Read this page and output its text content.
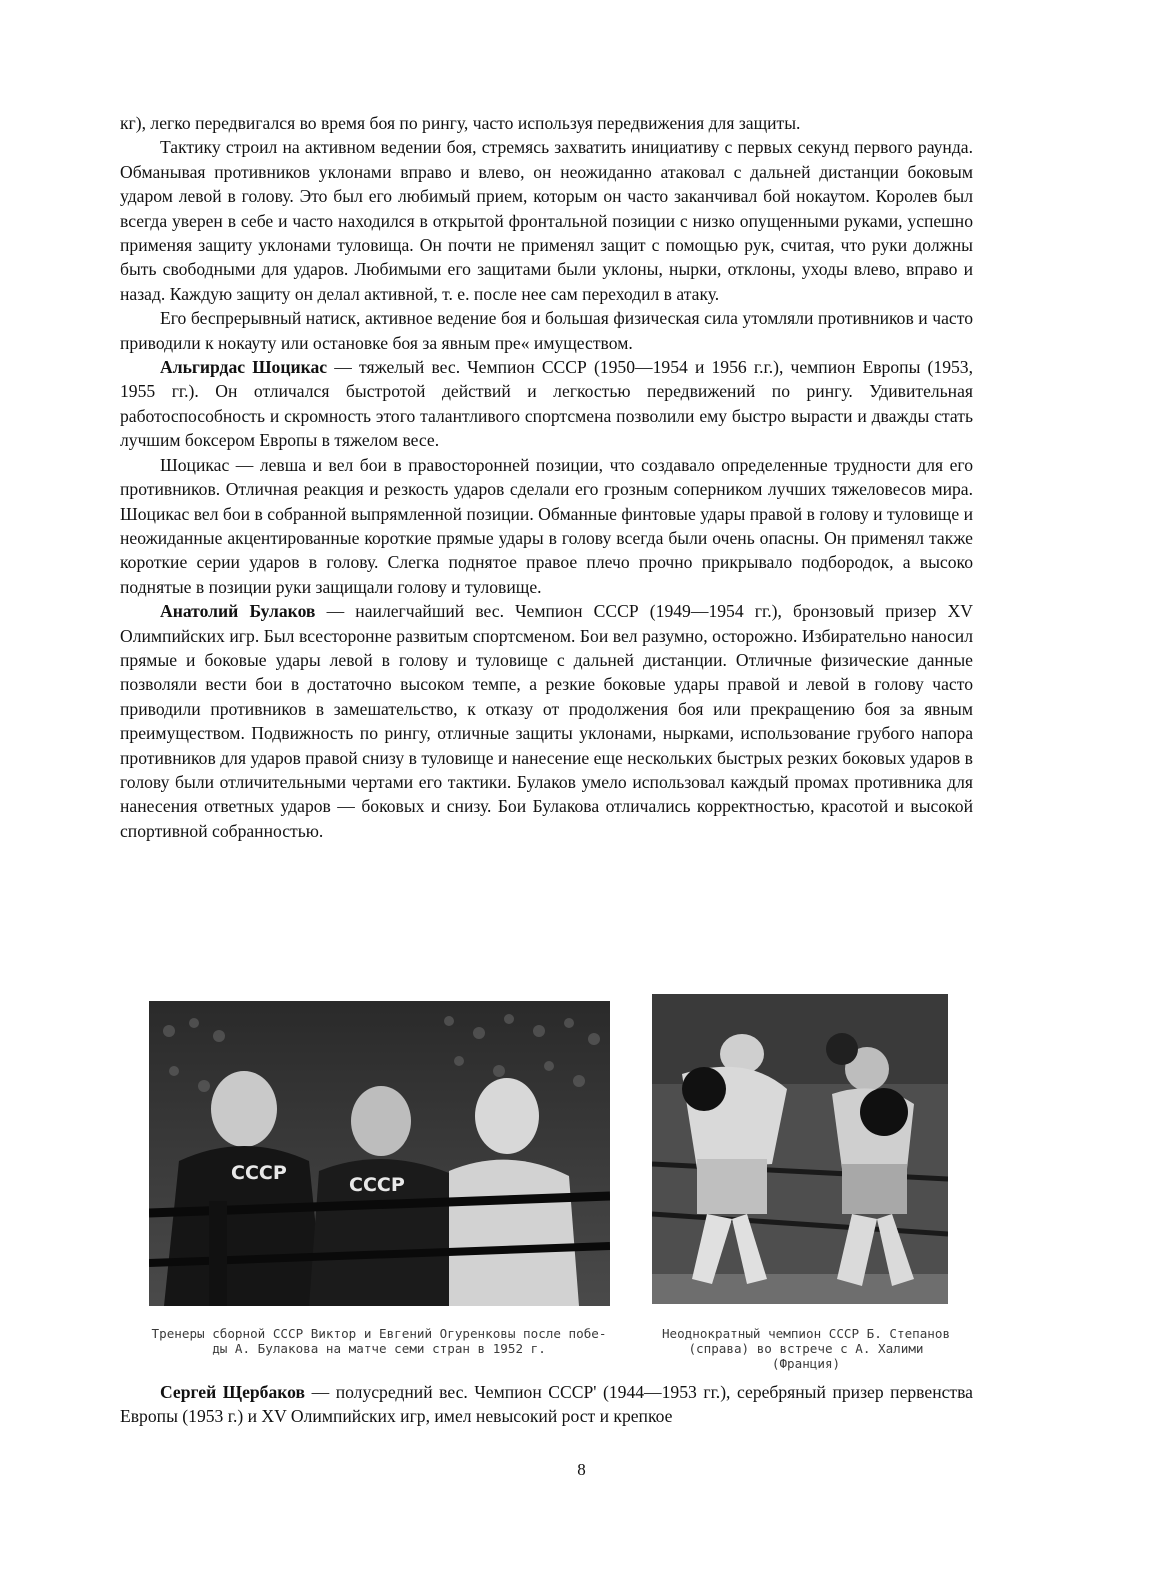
кг), легко передвигался во время боя по рингу, часто используя передвижения для защиты.

Тактику строил на активном ведении боя, стремясь захватить инициативу с первых секунд первого раунда. Обманывая противников уклонами вправо и влево, он неожиданно атаковал с дальней дистанции боковым ударом левой в голову. Это был его любимый прием, которым он часто заканчивал бой нокаутом. Королев был всегда уверен в себе и часто находился в открытой фронтальной позиции с низко опущенными руками, успешно применяя защиту уклонами туловища. Он почти не применял защит с помощью рук, считая, что руки должны быть свободными для ударов. Любимыми его защитами были уклоны, нырки, отклоны, уходы влево, вправо и назад. Каждую защиту он делал активной, т. е. после нее сам переходил в атаку.

Его беспрерывный натиск, активное ведение боя и большая физическая сила утомляли противников и часто приводили к нокауту или остановке боя за явным пре« имуществом.

Альгирдас Шоцикас — тяжелый вес. Чемпион СССР (1950—1954 и 1956 г.г.), чемпион Европы (1953, 1955 гг.). Он отличался быстротой действий и легкостью передвижений по рингу. Удивительная работоспособность и скромность этого талантливого спортсмена позволили ему быстро вырасти и дважды стать лучшим боксером Европы в тяжелом весе.

Шоцикас — левша и вел бои в правосторонней позиции, что создавало определенные трудности для его противников. Отличная реакция и резкость ударов сделали его грозным соперником лучших тяжеловесов мира. Шоцикас вел бои в собранной выпрямленной позиции. Обманные финтовые удары правой в голову и туловище и неожиданные акцентированные короткие прямые удары в голову всегда были очень опасны. Он применял также короткие серии ударов в голову. Слегка поднятое правое плечо прочно прикрывало подбородок, а высоко поднятые в позиции руки защищали голову и туловище.

Анатолий Булаков — наилегчайший вес. Чемпион СССР (1949—1954 гг.), бронзовый призер XV Олимпийских игр. Был всесторонне развитым спортсменом. Бои вел разумно, осторожно. Избирательно наносил прямые и боковые удары левой в голову и туловище с дальней дистанции. Отличные физические данные позволяли вести бои в достаточно высоком темпе, а резкие боковые удары правой и левой в голову часто приводили противников в замешательство, к отказу от продолжения боя или прекращению боя за явным преимуществом. Подвижность по рингу, отличные защиты уклонами, нырками, использование грубого напора противников для ударов правой снизу в туловище и нанесение еще нескольких быстрых резких боковых ударов в голову были отличительными чертами его тактики. Булаков умело использовал каждый промах противника для нанесения ответных ударов — боковых и снизу. Бои Булакова отличались корректностью, красотой и высокой спортивной собранностью.

СССР
СССР
Тренеры сборной СССР Виктор и Евгений Огуренковы после побе-
ды А. Булакова на матче семи стран в 1952 г.
Неоднократный чемпион СССР Б. Степанов
(справа) во встрече с А. Халими (Франция)

Сергей Щербаков — полусредний вес. Чемпион СССР' (1944—1953 гг.), серебряный призер первенства Европы (1953 г.) и XV Олимпийских игр, имел невысокий рост и крепкое

8
